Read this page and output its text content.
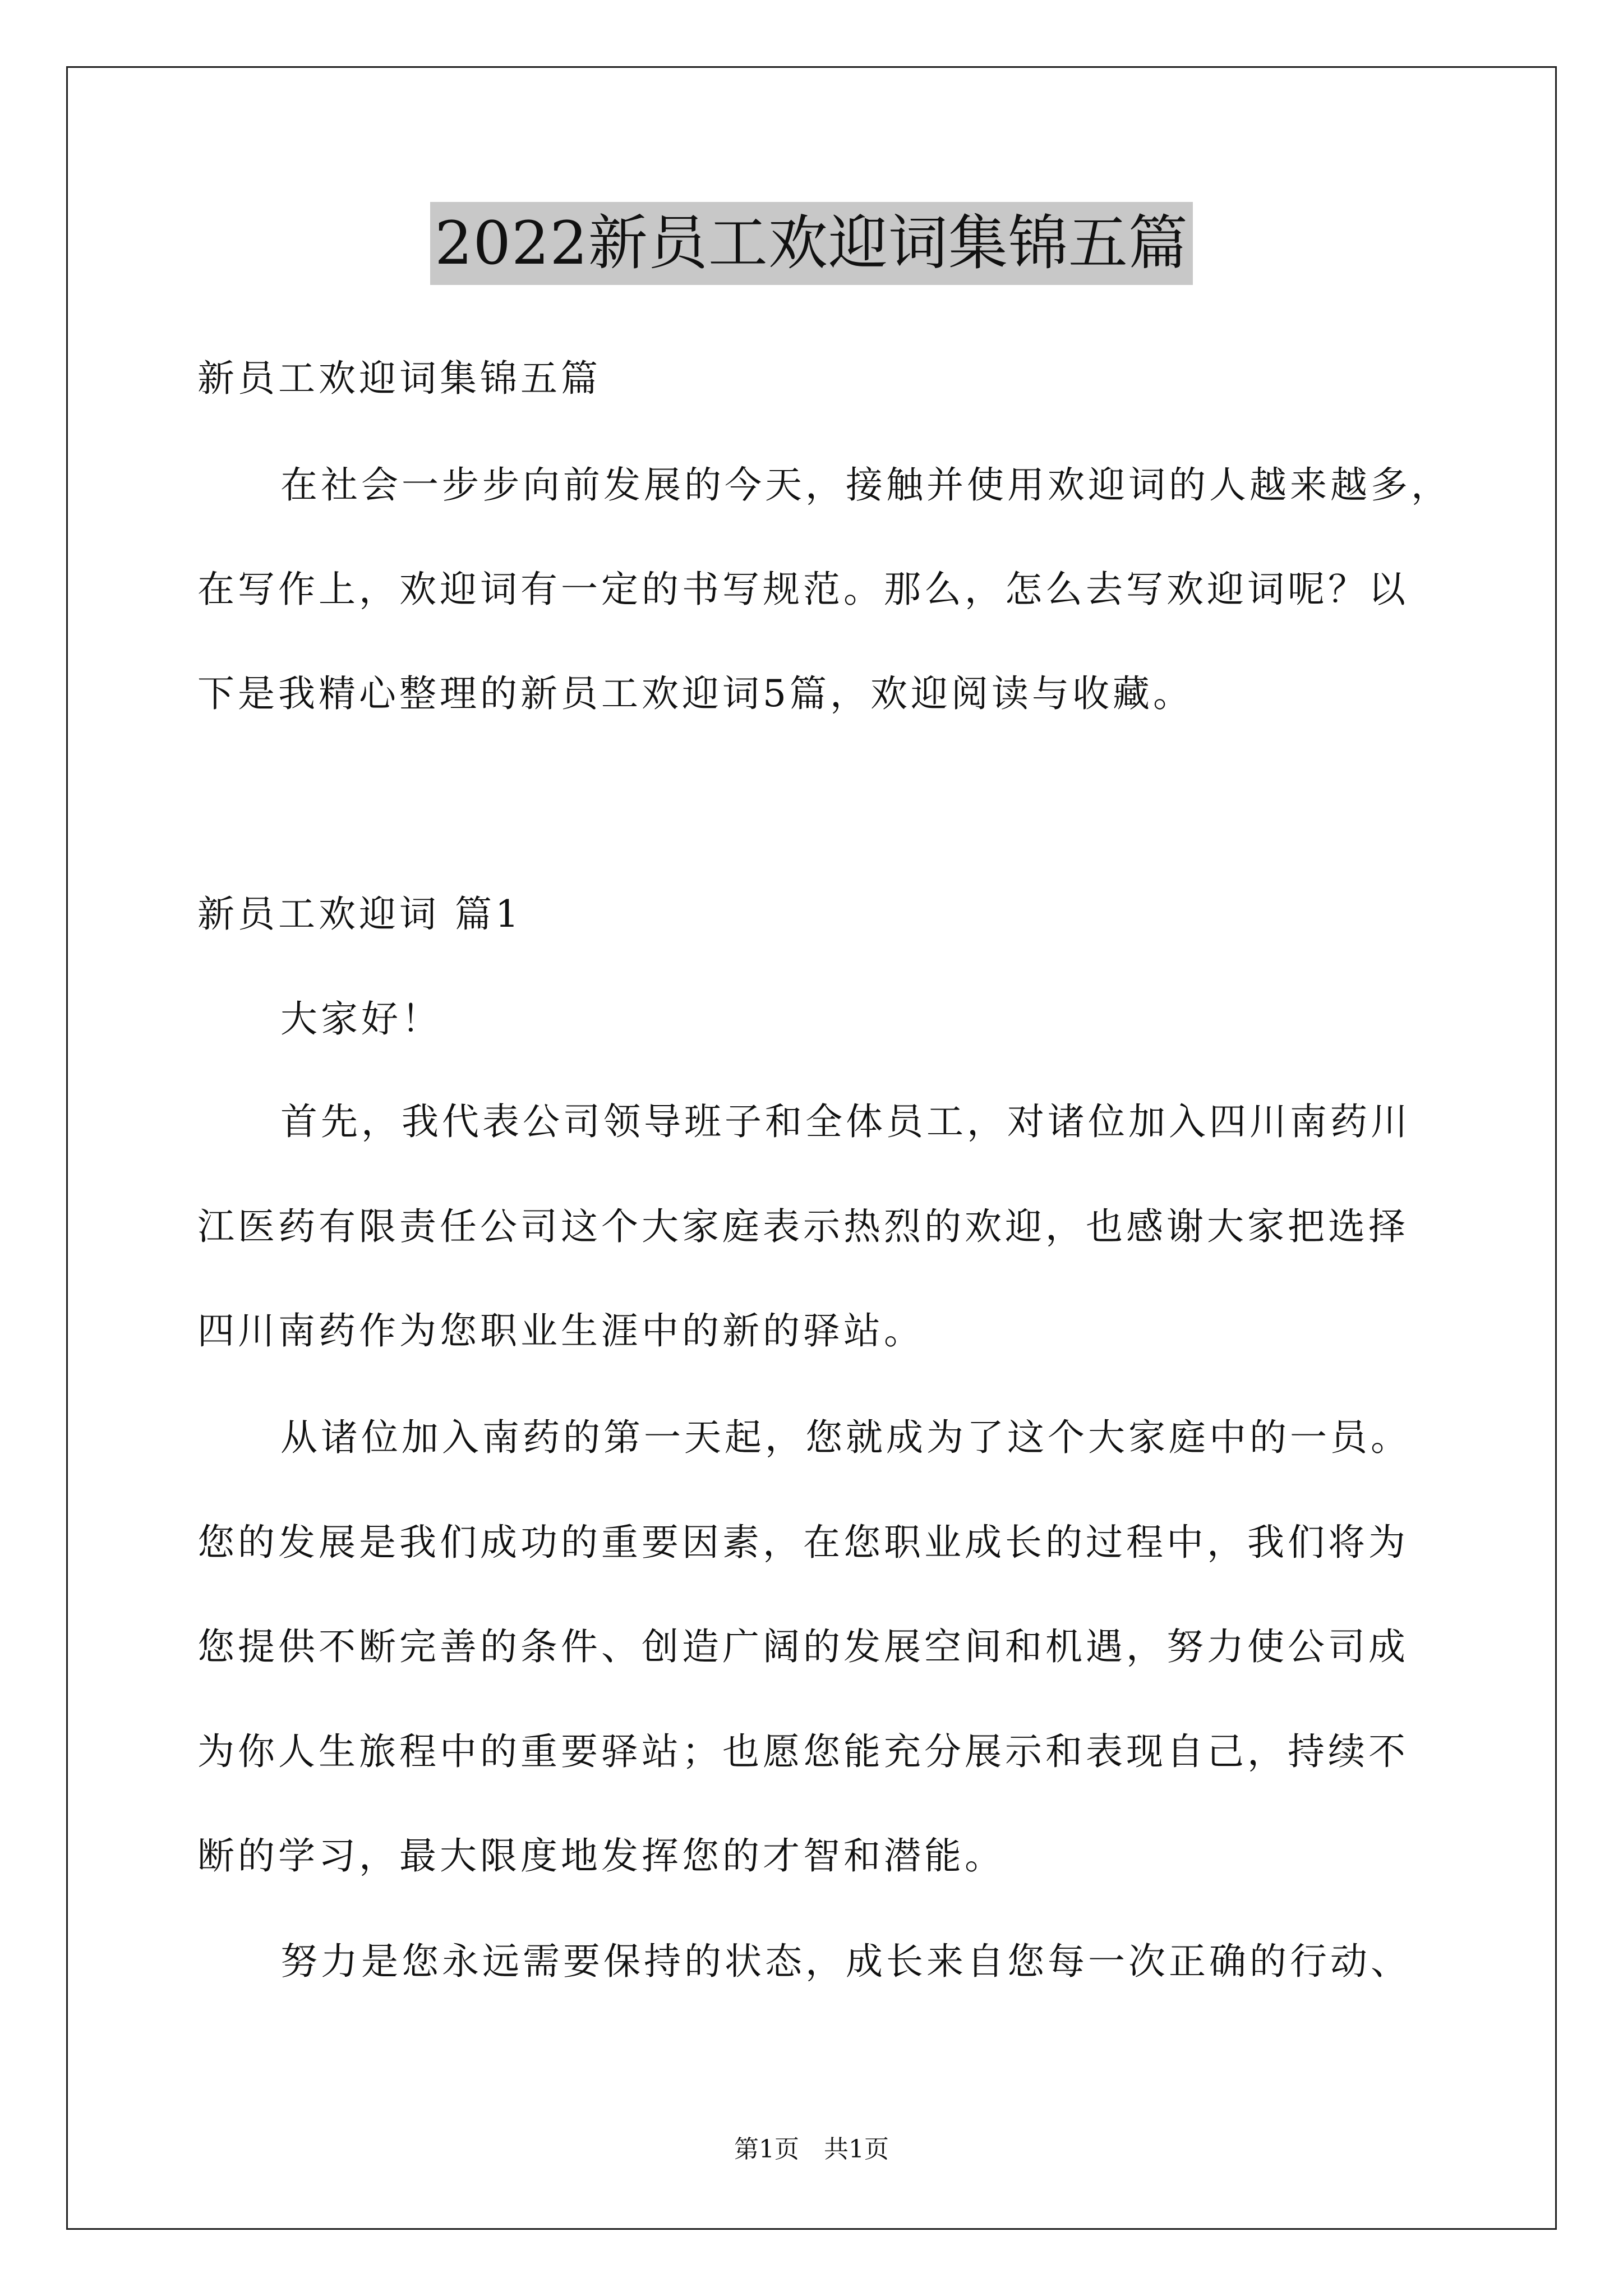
2022新员工欢迎词集锦五篇
新员工欢迎词集锦五篇
在社会一步步向前发展的今天，接触并使用欢迎词的人越来越多，
在写作上，欢迎词有一定的书写规范。那么，怎么去写欢迎词呢？以
下是我精心整理的新员工欢迎词5篇，欢迎阅读与收藏。
新员工欢迎词 篇1
大家好！
首先，我代表公司领导班子和全体员工，对诸位加入四川南药川
江医药有限责任公司这个大家庭表示热烈的欢迎，也感谢大家把选择
四川南药作为您职业生涯中的新的驿站。
从诸位加入南药的第一天起，您就成为了这个大家庭中的一员。
您的发展是我们成功的重要因素，在您职业成长的过程中，我们将为
您提供不断完善的条件、创造广阔的发展空间和机遇，努力使公司成
为你人生旅程中的重要驿站；也愿您能充分展示和表现自己，持续不
断的学习，最大限度地发挥您的才智和潜能。
努力是您永远需要保持的状态，成长来自您每一次正确的行动、
第1页　共1页
